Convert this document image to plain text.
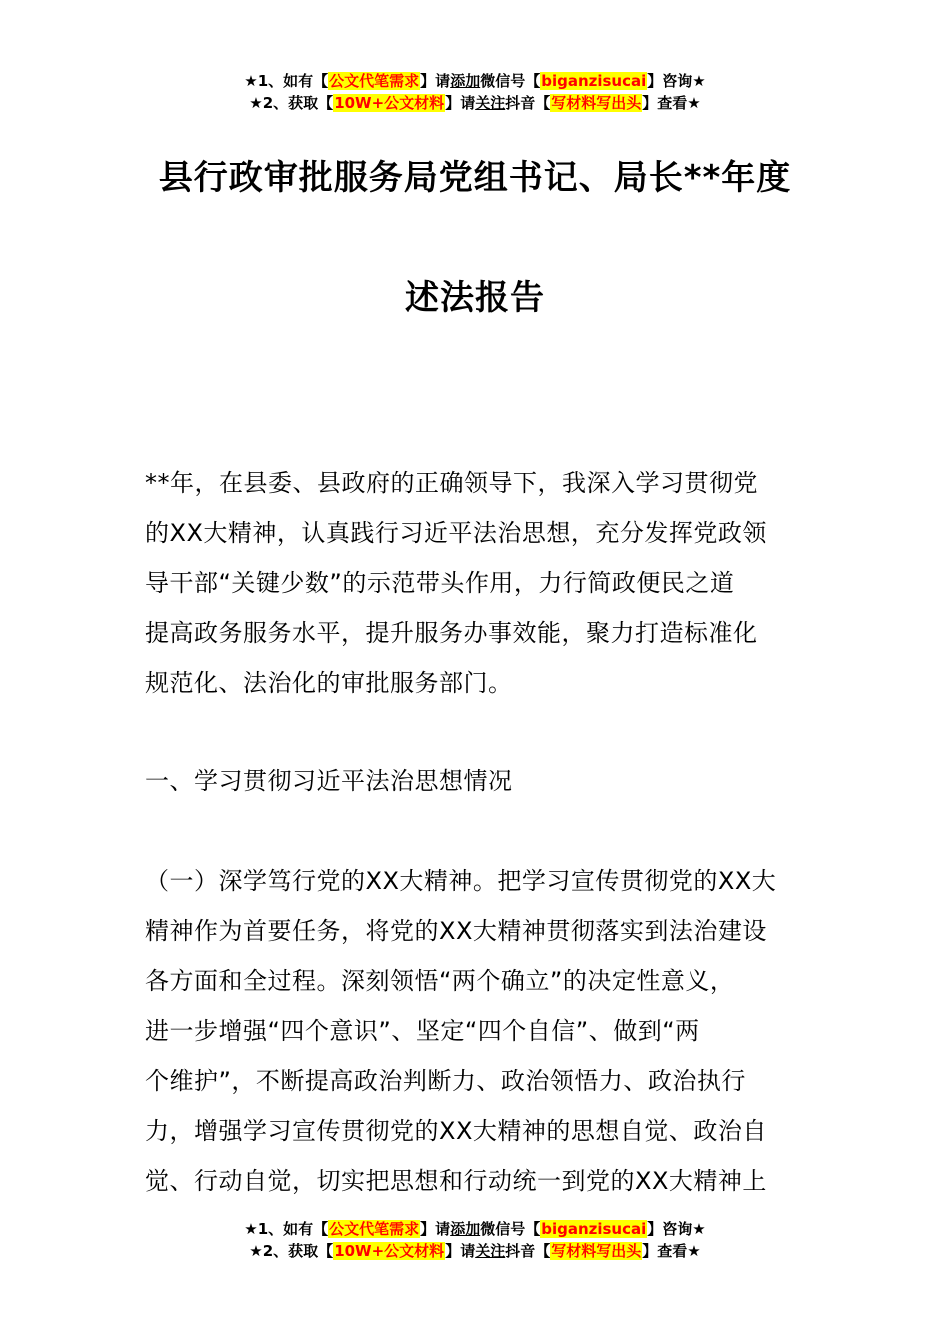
★1、如有【公文代笔需求】请添加微信号【biganzisucai】咨询★
★2、获取【10W+公文材料】请关注抖音【写材料写出头】查看★
县行政审批服务局党组书记、局长**年度
述法报告
**年，在县委、县政府的正确领导下，我深入学习贯彻党
的XX大精神，认真践行习近平法治思想，充分发挥党政领
导干部“关键少数”的示范带头作用，力行简政便民之道
提高政务服务水平，提升服务办事效能，聚力打造标准化
规范化、法治化的审批服务部门。
一、学习贯彻习近平法治思想情况
（一）深学笃行党的XX大精神。把学习宣传贯彻党的XX大
精神作为首要任务，将党的XX大精神贯彻落实到法治建设
各方面和全过程。深刻领悟“两个确立”的决定性意义，
进一步增强“四个意识”、坚定“四个自信”、做到“两
个维护”，不断提高政治判断力、政治领悟力、政治执行
力，增强学习宣传贯彻党的XX大精神的思想自觉、政治自
觉、行动自觉，切实把思想和行动统一到党的XX大精神上
★1、如有【公文代笔需求】请添加微信号【biganzisucai】咨询★
★2、获取【10W+公文材料】请关注抖音【写材料写出头】查看★
